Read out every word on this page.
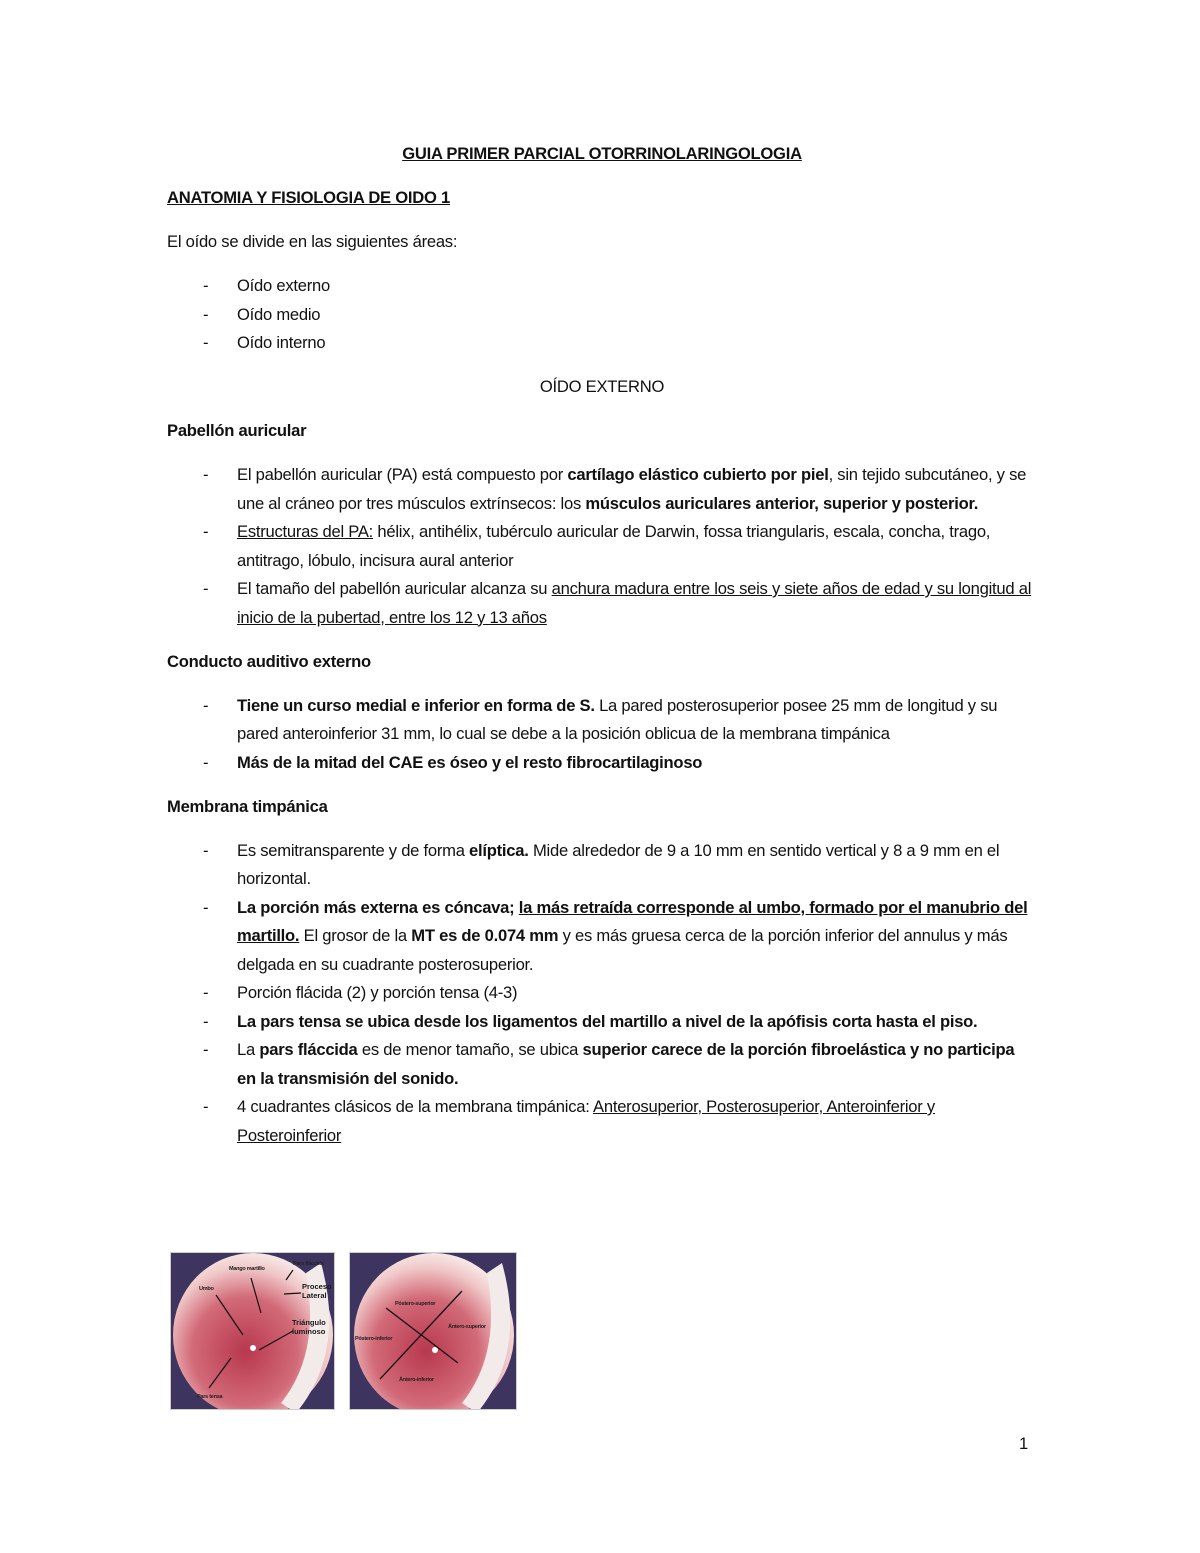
GUIA PRIMER PARCIAL OTORRINOLARINGOLOGIA

ANATOMIA Y FISIOLOGIA DE OIDO 1

El oído se divide en las siguientes áreas:

- Oído externo
- Oído medio
- Oído interno

OÍDO EXTERNO

Pabellón auricular

- El pabellón auricular (PA) está compuesto por cartílago elástico cubierto por piel, sin tejido subcutáneo, y se une al cráneo por tres músculos extrínsecos: los músculos auriculares anterior, superior y posterior.
- Estructuras del PA: hélix, antihélix, tubérculo auricular de Darwin, fossa triangularis, escala, concha, trago, antitrago, lóbulo, incisura aural anterior
- El tamaño del pabellón auricular alcanza su anchura madura entre los seis y siete años de edad y su longitud al inicio de la pubertad, entre los 12 y 13 años

Conducto auditivo externo

- Tiene un curso medial e inferior en forma de S. La pared posterosuperior posee 25 mm de longitud y su pared anteroinferior 31 mm, lo cual se debe a la posición oblicua de la membrana timpánica
- Más de la mitad del CAE es óseo y el resto fibrocartilaginoso

Membrana timpánica

- Es semitransparente y de forma elíptica. Mide alrededor de 9 a 10 mm en sentido vertical y 8 a 9 mm en el horizontal.
- La porción más externa es cóncava; la más retraída corresponde al umbo, formado por el manubrio del martillo. El grosor de la MT es de 0.074 mm y es más gruesa cerca de la porción inferior del annulus y más delgada en su cuadrante posterosuperior.
- Porción flácida (2) y porción tensa (4-3)
- La pars tensa se ubica desde los ligamentos del martillo a nivel de la apófisis corta hasta el piso.
- La pars fláccida es de menor tamaño, se ubica superior carece de la porción fibroelástica y no participa en la transmisión del sonido.
- 4 cuadrantes clásicos de la membrana timpánica: Anterosuperior, Posterosuperior, Anteroinferior y Posteroinferior
Mango martillo
Pars fláccida
Umbo
Pars tensa
Proceso Lateral
Triángulo luminoso
Póstero-superior
Ántero-superior
Póstero-inferior
Ántero-inferior
1
